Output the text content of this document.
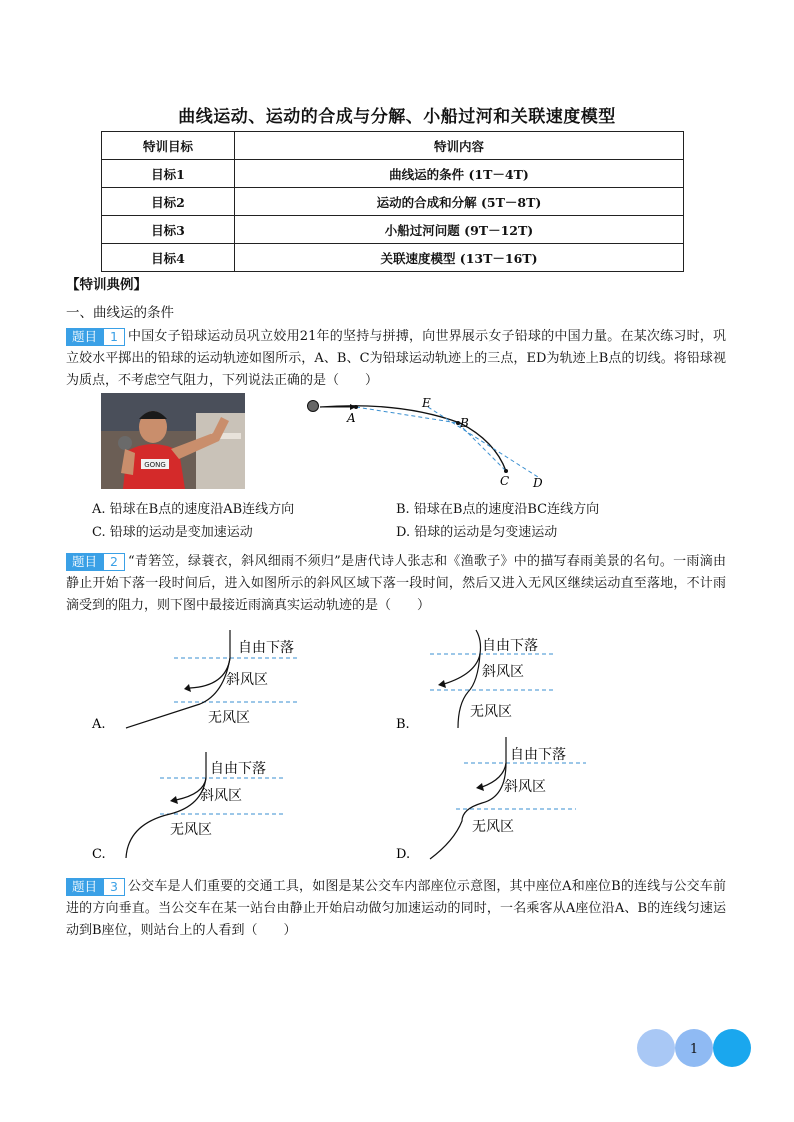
曲线运动、运动的合成与分解、小船过河和关联速度模型
特训目标	特训内容
目标1	曲线运的条件 (1T－4T)
目标2	运动的合成和分解 (5T－8T)
目标3	小船过河问题 (9T－12T)
目标4	关联速度模型 (13T－16T)
【特训典例】
一、曲线运的条件
题目	1 中国女子铅球运动员巩立姣用21年的坚持与拼搏，向世界展示女子铅球的中国力量。在某次练习时，巩立姣水平掷出的铅球的运动轨迹如图所示，A、B、C为铅球运动轨迹上的三点，ED为轨迹上B点的切线。将铅球视为质点，不考虑空气阻力，下列说法正确的是（　　）
GONG
A
E
B
C D
A. 铅球在B点的速度沿AB连线方向	B. 铅球在B点的速度沿BC连线方向
C. 铅球的运动是变加速运动	D. 铅球的运动是匀变速运动
题目	2 “青箬笠，绿蓑衣，斜风细雨不须归”是唐代诗人张志和《渔歌子》中的描写春雨美景的名句。一雨滴由静止开始下落一段时间后，进入如图所示的斜风区域下落一段时间，然后又进入无风区继续运动直至落地，不计雨滴受到的阻力，则下图中最接近雨滴真实运动轨迹的是（　　）
自由下落
斜风区
无风区
A.
自由下落
斜风区
无风区
B.
自由下落
斜风区
无风区
C.
自由下落
斜风区
无风区
D.
题目	3 公交车是人们重要的交通工具，如图是某公交车内部座位示意图，其中座位A和座位B的连线与公交车前进的方向垂直。当公交车在某一站台由静止开始启动做匀加速运动的同时，一名乘客从A座位沿A、B的连线匀速运动到B座位，则站台上的人看到（　　）
1
